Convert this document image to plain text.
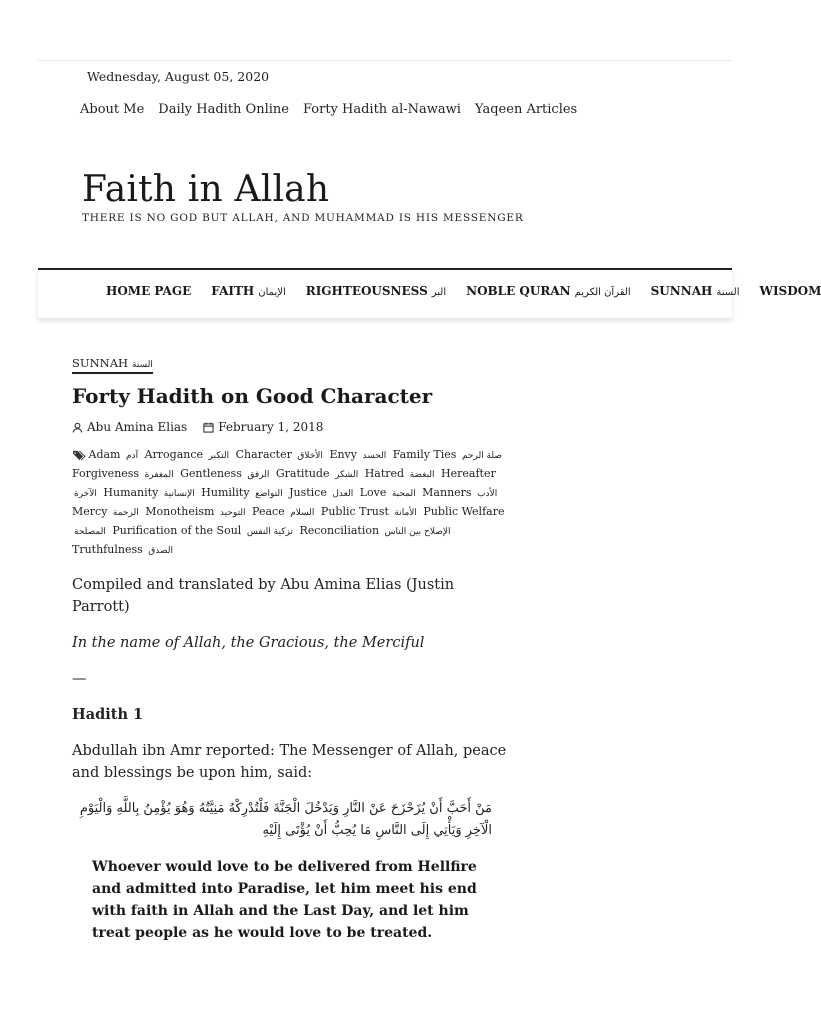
Wednesday, August 05, 2020
About Me Daily Hadith Online Forty Hadith al-Nawawi Yaqeen Articles
Faith in Allah
THERE IS NO GOD BUT ALLAH, AND MUHAMMAD IS HIS MESSENGER
HOME PAGE FAITH الإيمان RIGHTEOUSNESS البر NOBLE QURAN القرآن الكريم SUNNAH السنة WISDOM
SUNNAH السنة
Forty Hadith on Good Character
Abu Amina Elias	February 1, 2018
Adam آدم Arrogance التكبر Character الأخلاق Envy الحسد Family Ties صلة الرحم Forgiveness المغفرة Gentleness الرفق Gratitude الشكر Hatred البغضة Hereafter الآخرة Humanity الإنسانية Humility التواضع Justice العدل Love المحبة Manners الأدب Mercy الرحمة Monotheism التوحيد Peace السلام Public Trust الأمانة Public Welfare المصلحة Purification of the Soul تزكية النفس Reconciliation الإصلاح بين الناس Truthfulness الصدق
Compiled and translated by Abu Amina Elias (Justin Parrott)
In the name of Allah, the Gracious, the Merciful
—
Hadith 1
Abdullah ibn Amr reported: The Messenger of Allah, peace and blessings be upon him, said:
مَنْ أَحَبَّ أَنْ يُزَحْزَحَ عَنْ النَّارِ وَيَدْخُلَ الْجَنَّةَ فَلْتُدْرِكْهُ مَنِيَّتُهُ وَهُوَ يُؤْمِنُ بِاللَّهِ وَالْيَوْمِ الْآخِرِ وَيَأْتِي إِلَى النَّاسِ مَا يُحِبُّ أَنْ يُؤْتَى إِلَيْهِ
Whoever would love to be delivered from Hellfire and admitted into Paradise, let him meet his end with faith in Allah and the Last Day, and let him treat people as he would love to be treated.
